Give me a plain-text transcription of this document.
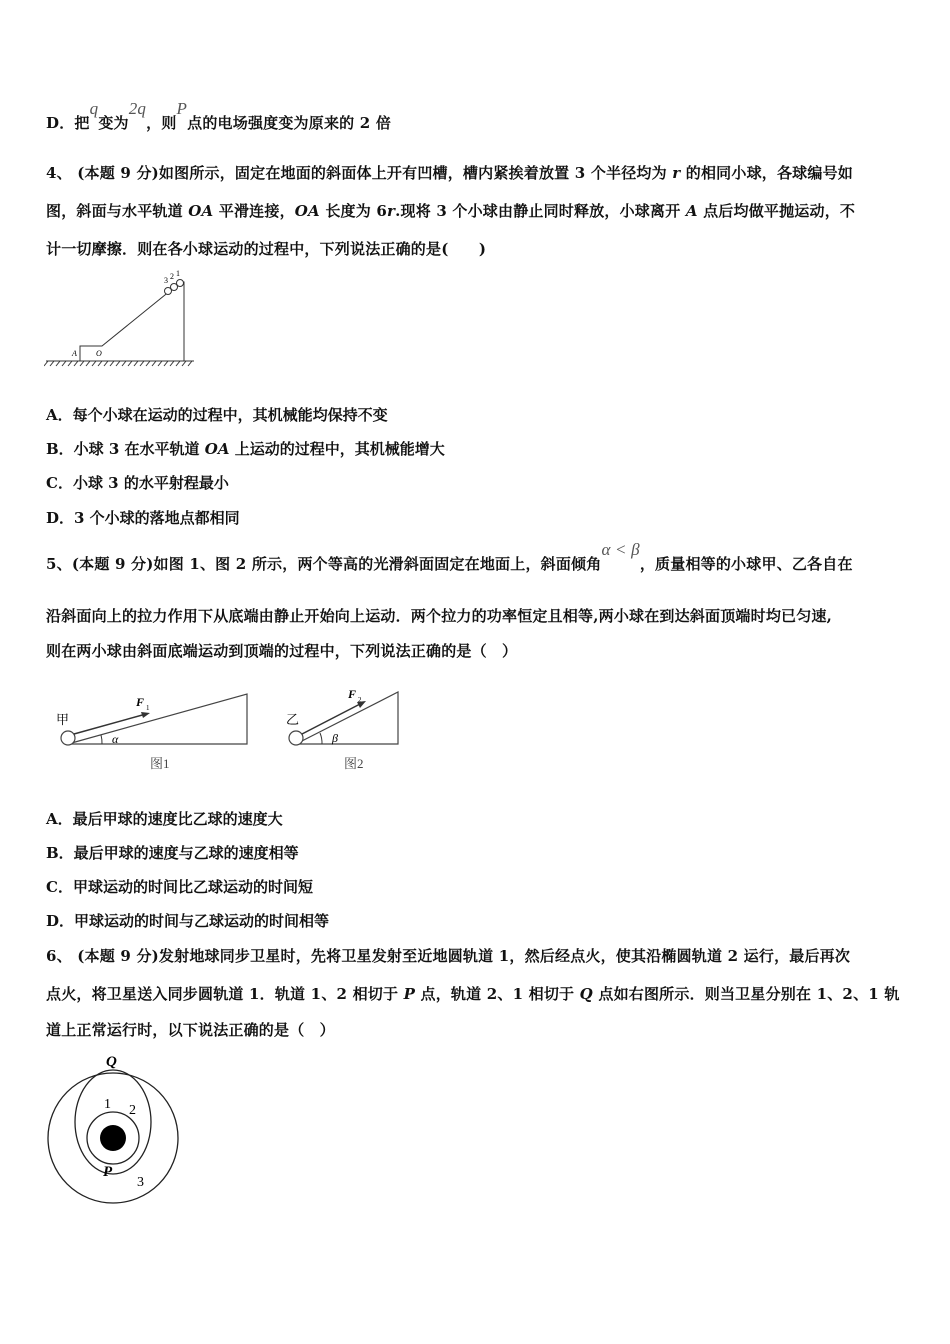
D．把q变为2q，则P点的电场强度变为原来的 2 倍
4、 (本题 9 分)如图所示，固定在地面的斜面体上开有凹槽，槽内紧挨着放置 3 个半径均为 r 的相同小球，各球编号如
图，斜面与水平轨道 OA 平滑连接，OA 长度为 6r.现将 3 个小球由静止同时释放，小球离开 A 点后均做平抛运动，不
计一切摩擦．则在各小球运动的过程中，下列说法正确的是(　　)
3 2 1
A O
A．每个小球在运动的过程中，其机械能均保持不变
B．小球 3 在水平轨道 OA 上运动的过程中，其机械能增大
C．小球 3 的水平射程最小
D．3 个小球的落地点都相同
5、(本题 9 分)如图 1、图 2 所示，两个等高的光滑斜面固定在地面上，斜面倾角α < β，质量相等的小球甲、乙各自在
沿斜面向上的拉力作用下从底端由静止开始向上运动．两个拉力的功率恒定且相等,两小球在到达斜面顶端时均已匀速,
则在两小球由斜面底端运动到顶端的过程中，下列说法正确的是（　）
甲
F 1
α
图1
乙
F 2
β
图2
A．最后甲球的速度比乙球的速度大
B．最后甲球的速度与乙球的速度相等
C．甲球运动的时间比乙球运动的时间短
D．甲球运动的时间与乙球运动的时间相等
6、 (本题 9 分)发射地球同步卫星时，先将卫星发射至近地圆轨道 1，然后经点火，使其沿椭圆轨道 2 运行，最后再次
点火，将卫星送入同步圆轨道 1．轨道 1、2 相切于 P 点，轨道 2、1 相切于 Q 点如右图所示．则当卫星分别在 1、2、1 轨
道上正常运行时，以下说法正确的是（　）
Q
P
1 2
3
